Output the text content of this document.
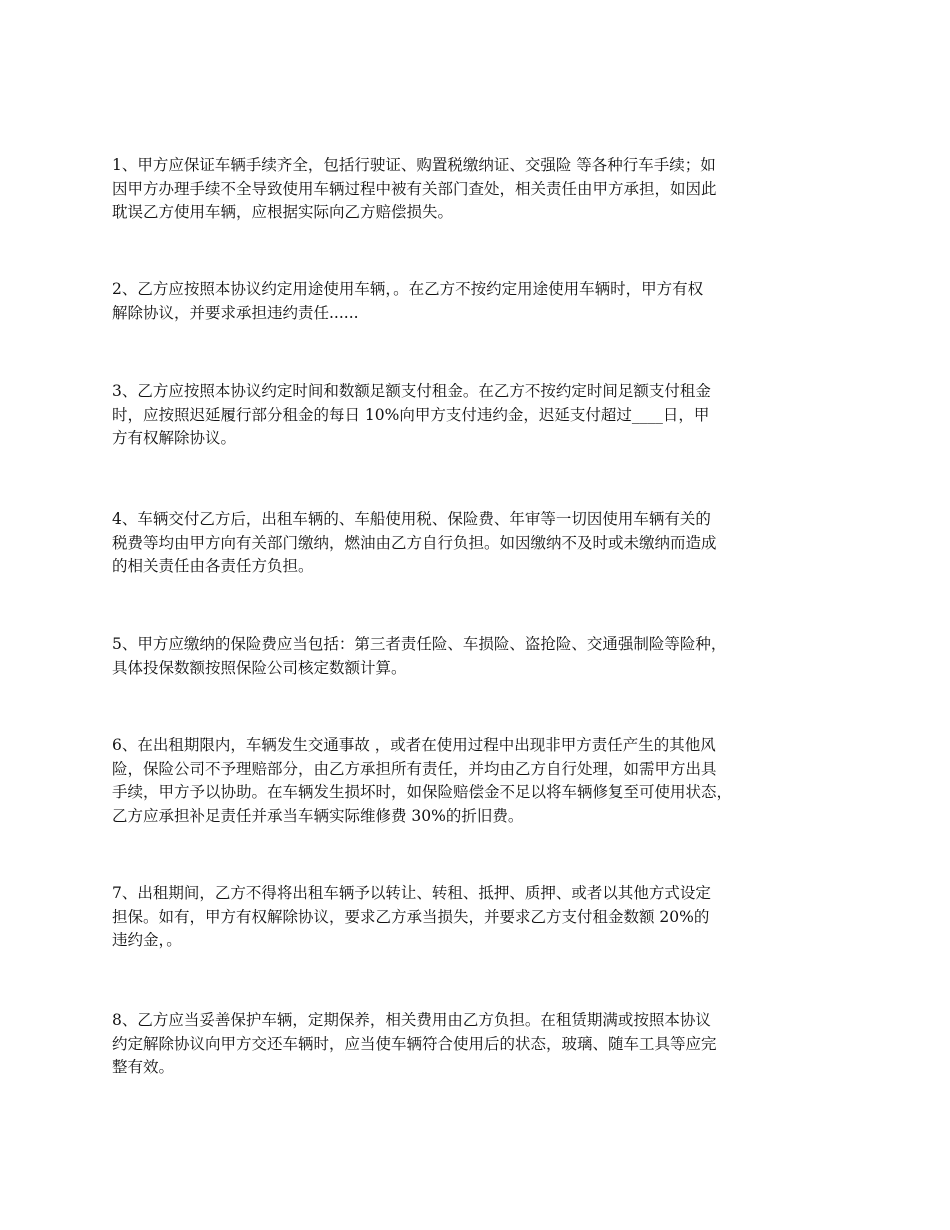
1、甲方应保证车辆手续齐全，包括行驶证、购置税缴纳证、交强险 等各种行车手续；如
因甲方办理手续不全导致使用车辆过程中被有关部门查处，相关责任由甲方承担，如因此
耽误乙方使用车辆，应根据实际向乙方赔偿损失。

2、乙方应按照本协议约定用途使用车辆，。在乙方不按约定用途使用车辆时，甲方有权
解除协议，并要求承担违约责任......

3、乙方应按照本协议约定时间和数额足额支付租金。在乙方不按约定时间足额支付租金
时，应按照迟延履行部分租金的每日 10%向甲方支付违约金，迟延支付超过____日，甲
方有权解除协议。

4、车辆交付乙方后，出租车辆的、车船使用税、保险费、年审等一切因使用车辆有关的
税费等均由甲方向有关部门缴纳，燃油由乙方自行负担。如因缴纳不及时或未缴纳而造成
的相关责任由各责任方负担。

5、甲方应缴纳的保险费应当包括：第三者责任险、车损险、盗抢险、交通强制险等险种，
具体投保数额按照保险公司核定数额计算。

6、在出租期限内，车辆发生交通事故 ，或者在使用过程中出现非甲方责任产生的其他风
险，保险公司不予理赔部分，由乙方承担所有责任，并均由乙方自行处理，如需甲方出具
手续，甲方予以协助。在车辆发生损坏时，如保险赔偿金不足以将车辆修复至可使用状态，
乙方应承担补足责任并承当车辆实际维修费 30%的折旧费。

7、出租期间，乙方不得将出租车辆予以转让、转租、抵押、质押、或者以其他方式设定
担保。如有，甲方有权解除协议，要求乙方承当损失，并要求乙方支付租金数额 20%的
违约金，。

8、乙方应当妥善保护车辆，定期保养，相关费用由乙方负担。在租赁期满或按照本协议
约定解除协议向甲方交还车辆时，应当使车辆符合使用后的状态，玻璃、随车工具等应完
整有效。
